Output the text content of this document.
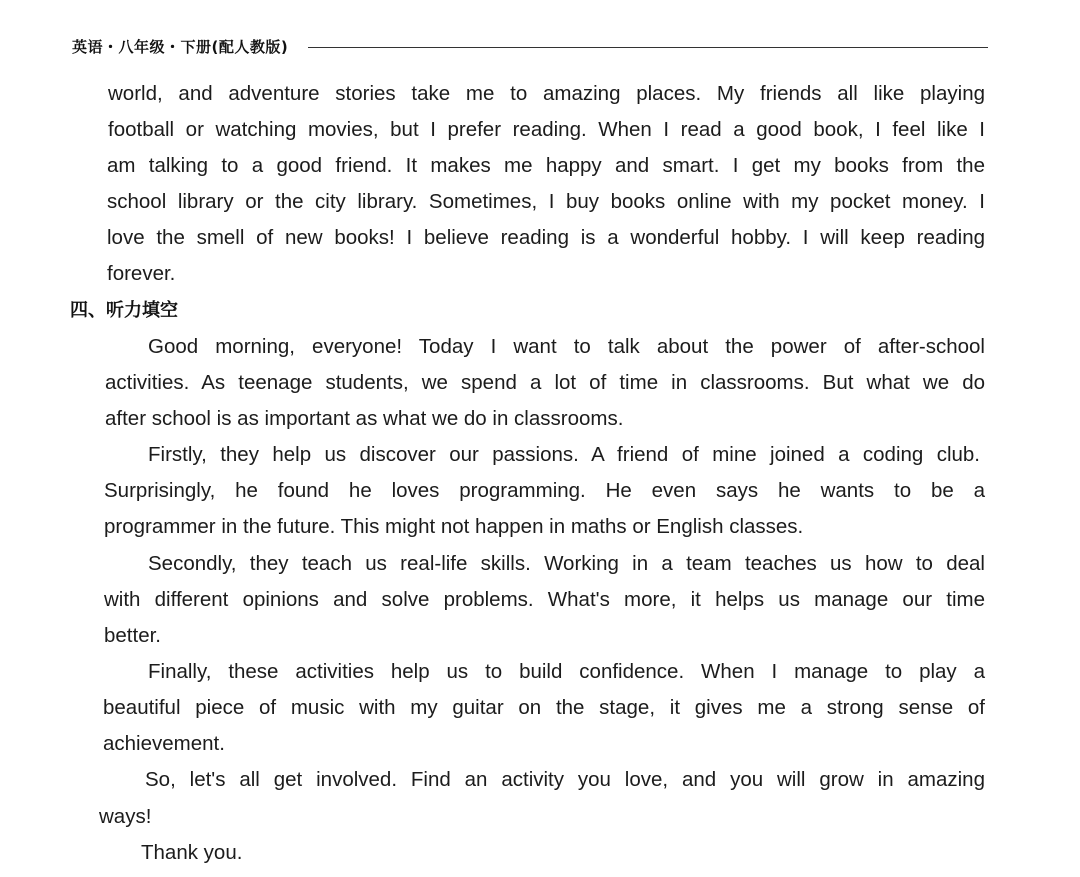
英语・八年级・下册(配人教版)
world, and adventure stories take me to amazing places. My friends all like playing
football or watching movies, but I prefer reading. When I read a good book, I feel like I
am talking to a good friend. It makes me happy and smart. I get my books from the
school library or the city library. Sometimes, I buy books online with my pocket money. I
love the smell of new books! I believe reading is a wonderful hobby. I will keep reading
forever.
四、听力填空
Good morning, everyone! Today I want to talk about the power of after-school
activities. As teenage students, we spend a lot of time in classrooms. But what we do
after school is as important as what we do in classrooms.
Firstly, they help us discover our passions. A friend of mine joined a coding club.
Surprisingly, he found he loves programming. He even says he wants to be a
programmer in the future. This might not happen in maths or English classes.
Secondly, they teach us real-life skills. Working in a team teaches us how to deal
with different opinions and solve problems. What's more, it helps us manage our time
better.
Finally, these activities help us to build confidence. When I manage to play a
beautiful piece of music with my guitar on the stage, it gives me a strong sense of
achievement.
So, let's all get involved. Find an activity you love, and you will grow in amazing
ways!
Thank you.
